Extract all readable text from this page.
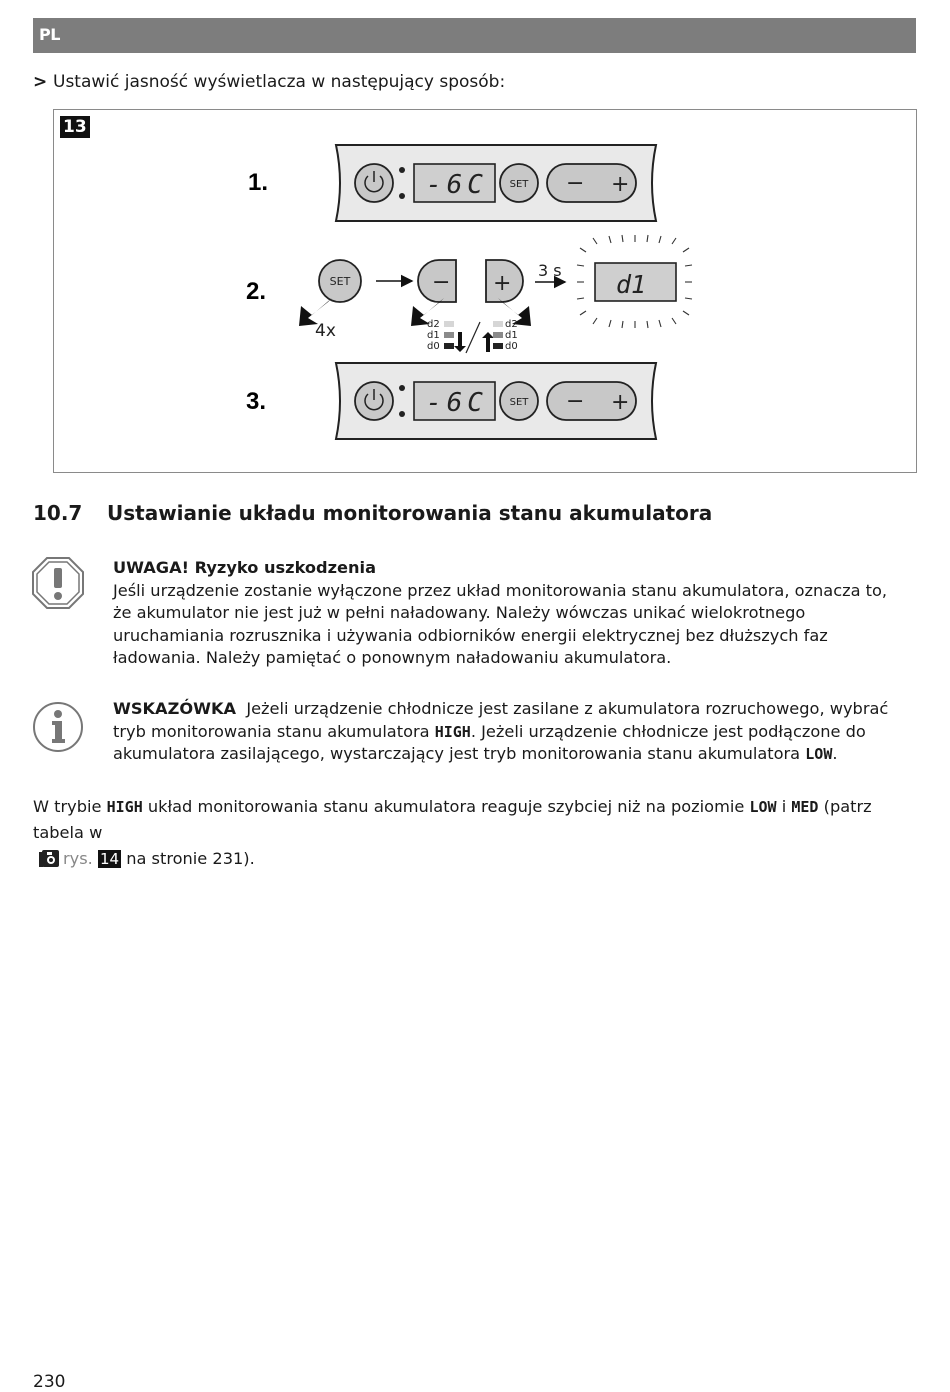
PL
> Ustawić jasność wyświetlacza w następujący sposób:
1.
2.
3.
-6C SET − +
SET
4x
− +
d2
d1
d0
d2
d1
d0
3 s d1
-6C SET − +
13
10.7 Ustawianie układu monitorowania stanu akumulatora
UWAGA! Ryzyko uszkodzenia
Jeśli urządzenie zostanie wyłączone przez układ monitorowania stanu akumulatora, oznacza to, że akumulator nie jest już w pełni naładowany. Należy wówczas unikać wielokrotnego uruchamiania rozrusznika i używania odbiorników energii elektrycznej bez dłuższych faz ładowania. Należy pamiętać o ponownym naładowaniu akumulatora.
WSKAZÓWKA Jeżeli urządzenie chłodnicze jest zasilane z akumulatora rozruchowego, wybrać tryb monitorowania stanu akumulatora HIGH. Jeżeli urządzenie chłodnicze jest podłączone do akumulatora zasilającego, wystarczający jest tryb monitorowania stanu akumulatora LOW.
W trybie HIGH układ monitorowania stanu akumulatora reaguje szybciej niż na poziomie LOW i MED (patrz tabela w
rys. 14 na stronie 231).
230
